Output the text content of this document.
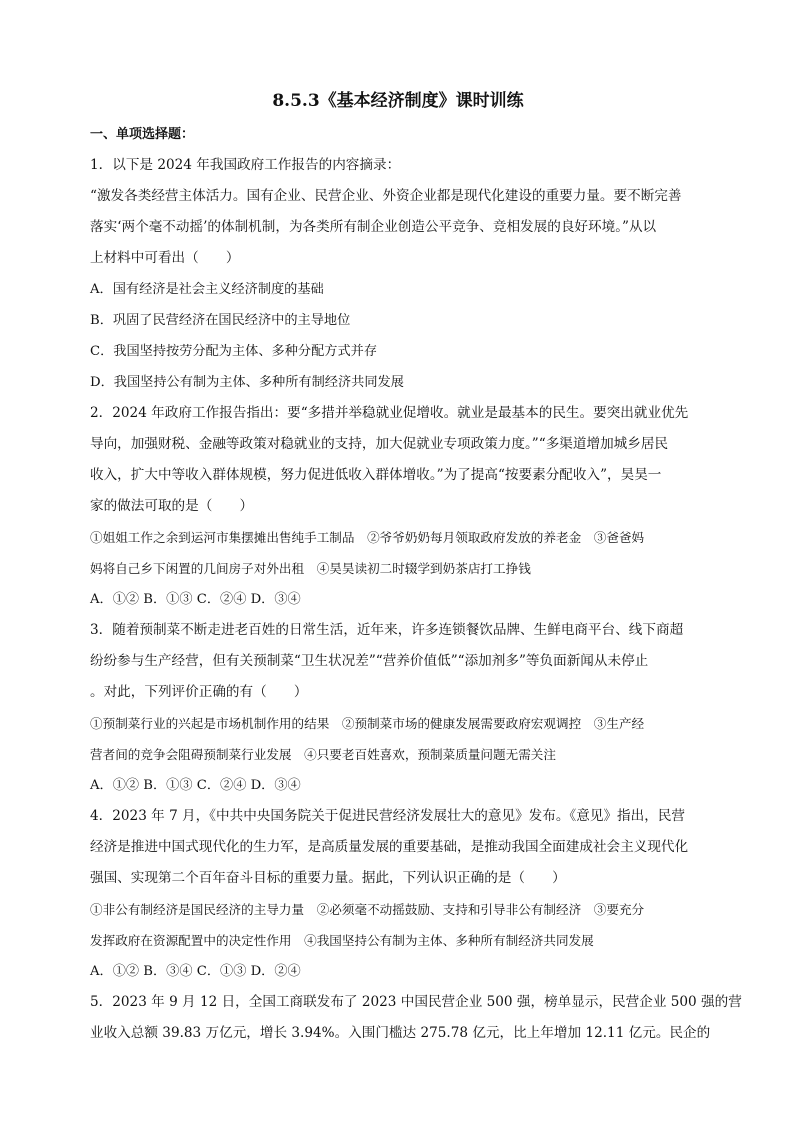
8.5.3《基本经济制度》课时训练
一、单项选择题：
1．以下是 2024 年我国政府工作报告的内容摘录：
“激发各类经营主体活力。国有企业、民营企业、外资企业都是现代化建设的重要力量。要不断完善
落实‘两个毫不动摇’的体制机制，为各类所有制企业创造公平竞争、竞相发展的良好环境。”从以
上材料中可看出（　　）
A．国有经济是社会主义经济制度的基础
B．巩固了民营经济在国民经济中的主导地位
C．我国坚持按劳分配为主体、多种分配方式并存
D．我国坚持公有制为主体、多种所有制经济共同发展
2．2024 年政府工作报告指出：要“多措并举稳就业促增收。就业是最基本的民生。要突出就业优先
导向，加强财税、金融等政策对稳就业的支持，加大促就业专项政策力度。”“多渠道增加城乡居民
收入，扩大中等收入群体规模，努力促进低收入群体增收。”为了提高“按要素分配收入”，昊昊一
家的做法可取的是（　　）
①姐姐工作之余到运河市集摆摊出售纯手工制品　②爷爷奶奶每月领取政府发放的养老金　③爸爸妈
妈将自己乡下闲置的几间房子对外出租　④昊昊读初二时辍学到奶茶店打工挣钱
A．①② B．①③ C．②④ D．③④
3．随着预制菜不断走进老百姓的日常生活，近年来，许多连锁餐饮品牌、生鲜电商平台、线下商超
纷纷参与生产经营，但有关预制菜“卫生状况差”“营养价值低”“添加剂多”等负面新闻从未停止
。对此，下列评价正确的有（　　）
①预制菜行业的兴起是市场机制作用的结果　②预制菜市场的健康发展需要政府宏观调控　③生产经
营者间的竞争会阻碍预制菜行业发展　④只要老百姓喜欢，预制菜质量问题无需关注
A．①② B．①③ C．②④ D．③④
4．2023 年 7 月，《中共中央国务院关于促进民营经济发展壮大的意见》发布。《意见》指出，民营
经济是推进中国式现代化的生力军，是高质量发展的重要基础，是推动我国全面建成社会主义现代化
强国、实现第二个百年奋斗目标的重要力量。据此，下列认识正确的是（　　）
①非公有制经济是国民经济的主导力量　②必须毫不动摇鼓励、支持和引导非公有制经济　③要充分
发挥政府在资源配置中的决定性作用　④我国坚持公有制为主体、多种所有制经济共同发展
A．①② B．③④ C．①③ D．②④
5．2023 年 9 月 12 日，全国工商联发布了 2023 中国民营企业 500 强，榜单显示，民营企业 500 强的营
业收入总额 39.83 万亿元，增长 3.94%。入围门槛达 275.78 亿元，比上年增加 12.11 亿元。民企的
